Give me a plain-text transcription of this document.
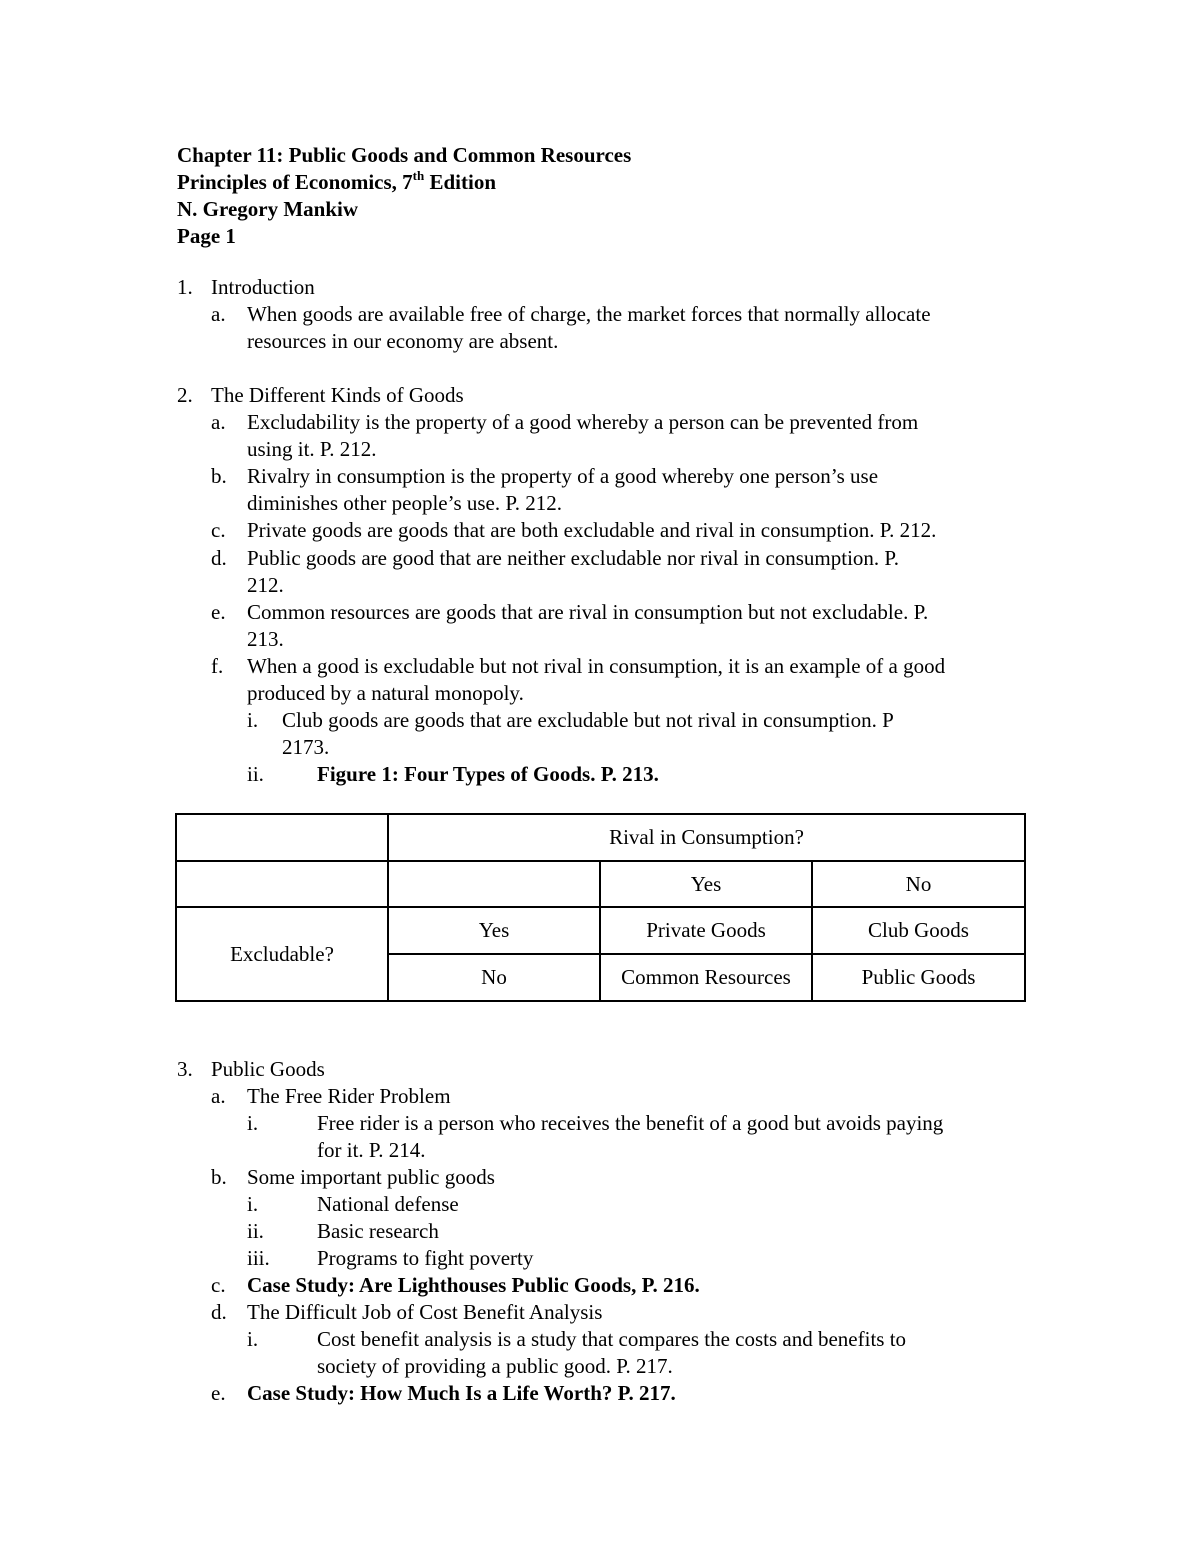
Chapter 11: Public Goods and Common Resources
Principles of Economics, 7th Edition
N. Gregory Mankiw
Page 1
1. Introduction
a. When goods are available free of charge, the market forces that normally allocate
resources in our economy are absent.
2. The Different Kinds of Goods
a. Excludability is the property of a good whereby a person can be prevented from
using it. P. 212.
b. Rivalry in consumption is the property of a good whereby one person’s use
diminishes other people’s use. P. 212.
c. Private goods are goods that are both excludable and rival in consumption. P. 212.
d. Public goods are good that are neither excludable nor rival in consumption. P.
212.
e. Common resources are goods that are rival in consumption but not excludable. P.
213.
f. When a good is excludable but not rival in consumption, it is an example of a good
produced by a natural monopoly.
i. Club goods are goods that are excludable but not rival in consumption. P
2173.
ii.	Figure 1: Four Types of Goods. P. 213.
	Rival in Consumption?		
		Yes	No
Excludable?	Yes	Private Goods	Club Goods
	No	Common Resources	Public Goods
3. Public Goods
a. The Free Rider Problem
i.	Free rider is a person who receives the benefit of a good but avoids paying
for it. P. 214.
b. Some important public goods
i.	National defense
ii.	Basic research
iii. Programs to fight poverty
c. Case Study: Are Lighthouses Public Goods, P. 216.
d. The Difficult Job of Cost Benefit Analysis
i.	Cost benefit analysis is a study that compares the costs and benefits to
society of providing a public good. P. 217.
e. Case Study: How Much Is a Life Worth? P. 217.
